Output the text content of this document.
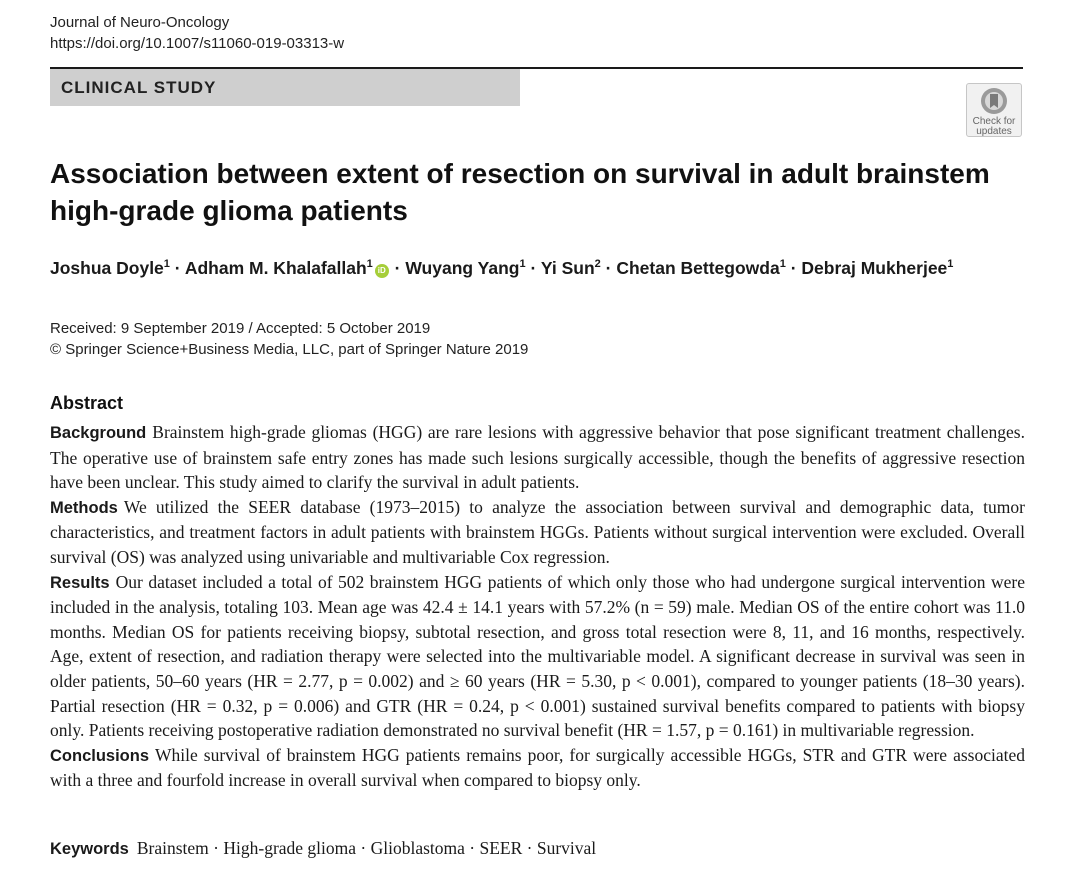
Journal of Neuro-Oncology
https://doi.org/10.1007/s11060-019-03313-w
CLINICAL STUDY
Check for
updates
Association between extent of resection on survival in adult brainstem high-grade glioma patients
Joshua Doyle$^1$ · Adham M. Khalafallah$^1$iD · Wuyang Yang$^1$ · Yi Sun$^2$ · Chetan Bettegowda$^1$ · Debraj Mukherjee$^1$
Received: 9 September 2019 / Accepted: 5 October 2019
© Springer Science+Business Media, LLC, part of Springer Nature 2019
Abstract

Background Brainstem high-grade gliomas (HGG) are rare lesions with aggressive behavior that pose significant treatment challenges. The operative use of brainstem safe entry zones has made such lesions surgically accessible, though the benefits of aggressive resection have been unclear. This study aimed to clarify the survival in adult patients.

Methods We utilized the SEER database (1973–2015) to analyze the association between survival and demographic data, tumor characteristics, and treatment factors in adult patients with brainstem HGGs. Patients without surgical intervention were excluded. Overall survival (OS) was analyzed using univariable and multivariable Cox regression.

Results Our dataset included a total of 502 brainstem HGG patients of which only those who had undergone surgical intervention were included in the analysis, totaling 103. Mean age was 42.4 ± 14.1 years with 57.2% (n = 59) male. Median OS of the entire cohort was 11.0 months. Median OS for patients receiving biopsy, subtotal resection, and gross total resection were 8, 11, and 16 months, respectively. Age, extent of resection, and radiation therapy were selected into the multivariable model. A significant decrease in survival was seen in older patients, 50–60 years (HR = 2.77, p = 0.002) and ≥ 60 years (HR = 5.30, p < 0.001), compared to younger patients (18–30 years). Partial resection (HR = 0.32, p = 0.006) and GTR (HR = 0.24, p < 0.001) sustained survival benefits compared to patients with biopsy only. Patients receiving postoperative radiation demonstrated no survival benefit (HR = 1.57, p = 0.161) in multivariable regression.

Conclusions While survival of brainstem HGG patients remains poor, for surgically accessible HGGs, STR and GTR were associated with a three and fourfold increase in overall survival when compared to biopsy only.

Keywords Brainstem · High-grade glioma · Glioblastoma · SEER · Survival
